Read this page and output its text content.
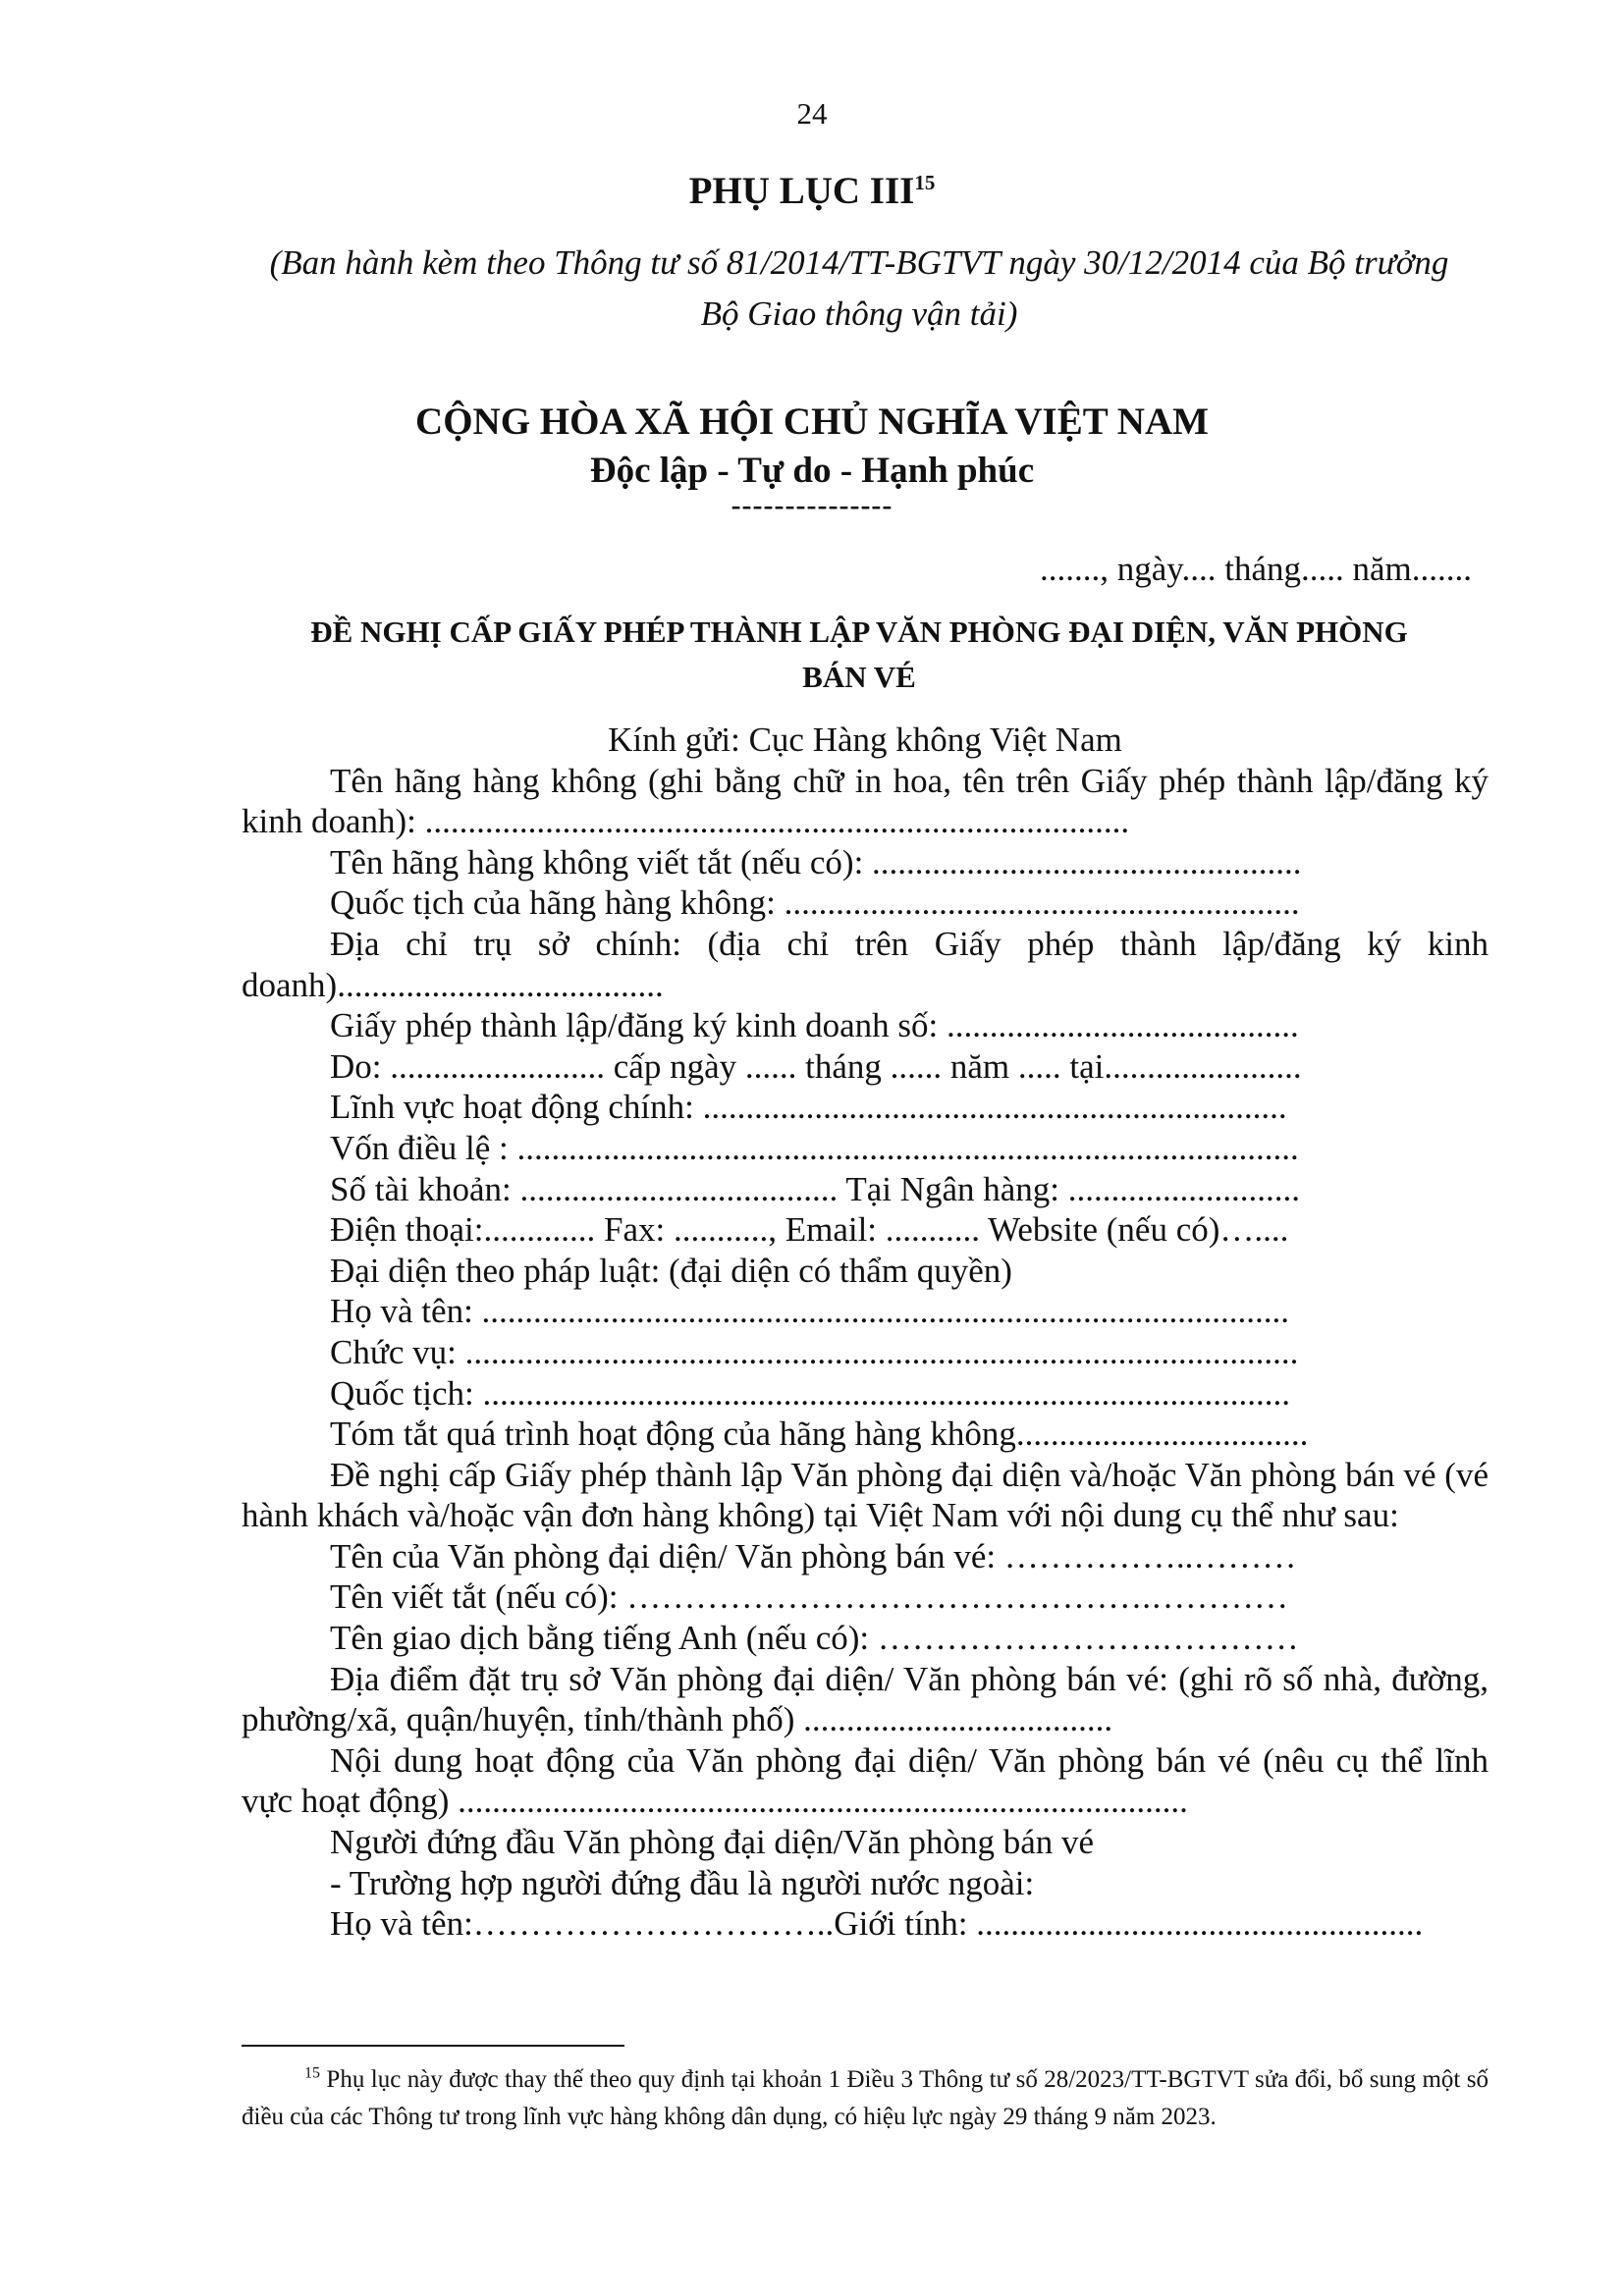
24
PHỤ LỤC III$^{15}$
(Ban hành kèm theo Thông tư số 81/2014/TT-BGTVT ngày 30/12/2014 của Bộ trưởng
Bộ Giao thông vận tải)
CỘNG HÒA XÃ HỘI CHỦ NGHĨA VIỆT NAM
Độc lập - Tự do - Hạnh phúc
---------------
......., ngày.... tháng..... năm.......
ĐỀ NGHỊ CẤP GIẤY PHÉP THÀNH LẬP VĂN PHÒNG ĐẠI DIỆN, VĂN PHÒNG
BÁN VÉ

Kính gửi: Cục Hàng không Việt Nam

Tên hãng hàng không (ghi bằng chữ in hoa, tên trên Giấy phép thành lập/đăng ký kinh doanh): ..................................................................................

Tên hãng hàng không viết tắt (nếu có): ..................................................

Quốc tịch của hãng hàng không: ............................................................

Địa chỉ trụ sở chính: (địa chỉ trên Giấy phép thành lập/đăng ký kinh doanh)......................................

Giấy phép thành lập/đăng ký kinh doanh số: .........................................

Do: ......................... cấp ngày ...... tháng ...... năm ..... tại.......................

Lĩnh vực hoạt động chính: ....................................................................

Vốn điều lệ : ...........................................................................................

Số tài khoản: ..................................... Tại Ngân hàng: ...........................

Điện thoại:............. Fax: ..........., Email: ........... Website (nếu có)…....

Đại diện theo pháp luật: (đại diện có thẩm quyền)

Họ và tên: ..............................................................................................

Chức vụ: .................................................................................................

Quốc tịch: ..............................................................................................

Tóm tắt quá trình hoạt động của hãng hàng không..................................

Đề nghị cấp Giấy phép thành lập Văn phòng đại diện và/hoặc Văn phòng bán vé (vé hành khách và/hoặc vận đơn hàng không) tại Việt Nam với nội dung cụ thể như sau:

Tên của Văn phòng đại diện/ Văn phòng bán vé: ……………..………

Tên viết tắt (nếu có): ……………………………………….…………

Tên giao dịch bằng tiếng Anh (nếu có): …………………….…………

Địa điểm đặt trụ sở Văn phòng đại diện/ Văn phòng bán vé: (ghi rõ số nhà, đường, phường/xã, quận/huyện, tỉnh/thành phố) ....................................

Nội dung hoạt động của Văn phòng đại diện/ Văn phòng bán vé (nêu cụ thể lĩnh vực hoạt động) .....................................................................................

Người đứng đầu Văn phòng đại diện/Văn phòng bán vé

- Trường hợp người đứng đầu là người nước ngoài:

Họ và tên:…………………………..Giới tính: ....................................................

$^{15}$ Phụ lục này được thay thế theo quy định tại khoản 1 Điều 3 Thông tư số 28/2023/TT-BGTVT sửa đổi, bổ sung một số điều của các Thông tư trong lĩnh vực hàng không dân dụng, có hiệu lực ngày 29 tháng 9 năm 2023.
